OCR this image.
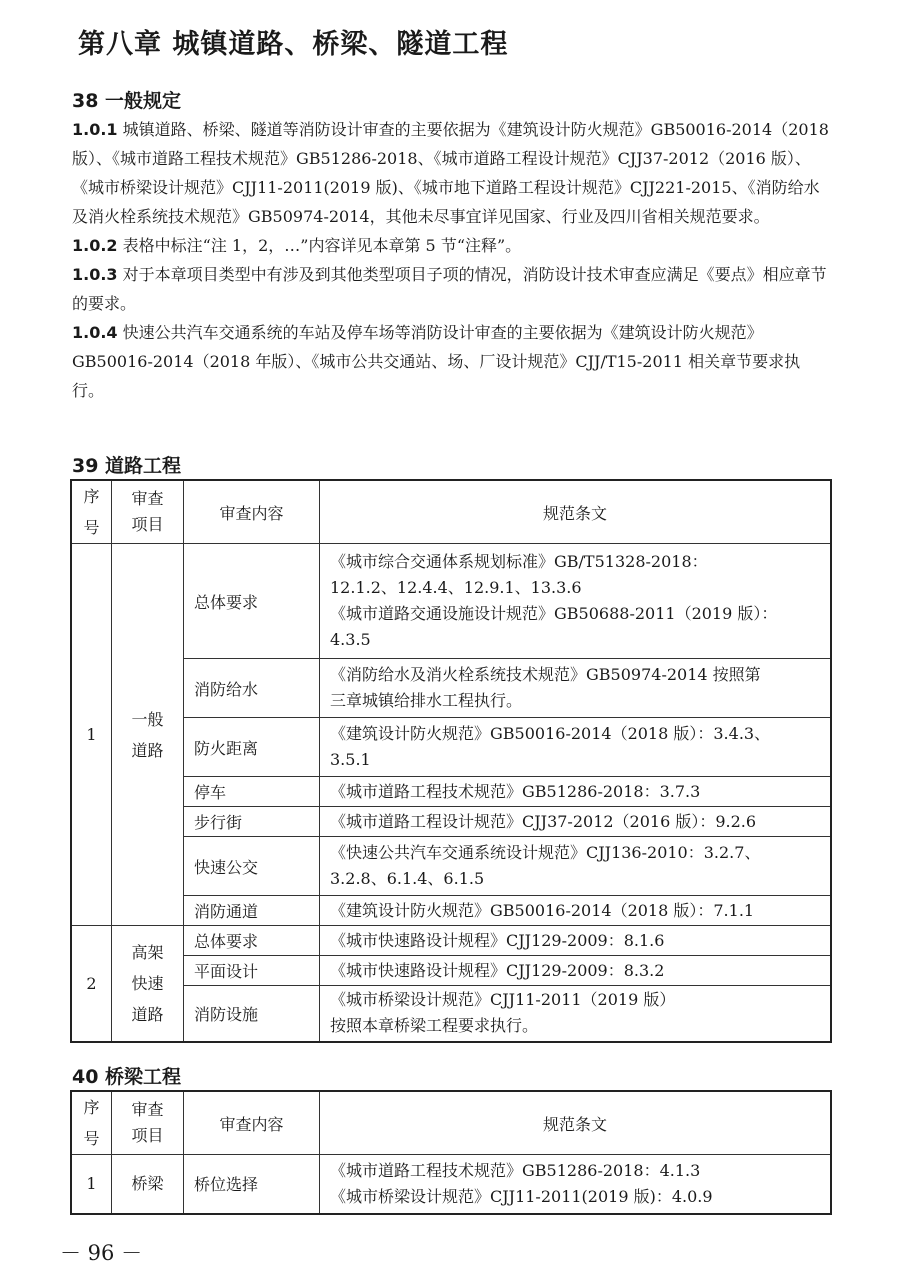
第八章 城镇道路、桥梁、隧道工程
38 一般规定

1.0.1 城镇道路、桥梁、隧道等消防设计审查的主要依据为《建筑设计防火规范》GB50016-2014（2018 版）、《城市道路工程技术规范》GB51286-2018、《城市道路工程设计规范》CJJ37-2012（2016 版）、《城市桥梁设计规范》CJJ11-2011(2019 版)、《城市地下道路工程设计规范》CJJ221-2015、《消防给水及消火栓系统技术规范》GB50974-2014，其他未尽事宜详见国家、行业及四川省相关规范要求。

1.0.2 表格中标注“注 1，2，…”内容详见本章第 5 节“注释”。

1.0.3 对于本章项目类型中有涉及到其他类型项目子项的情况，消防设计技术审查应满足《要点》相应章节的要求。

1.0.4 快速公共汽车交通系统的车站及停车场等消防设计审查的主要依据为《建筑设计防火规范》GB50016-2014（2018 年版）、《城市公共交通站、场、厂设计规范》CJJ/T15-2011 相关章节要求执行。

39 道路工程
序号	审查项目	审查内容	规范条文
1	一般道路	总体要求	《城市综合交通体系规划标准》GB/T51328-2018：
12.1.2、12.4.4、12.9.1、13.3.6
《城市道路交通设施设计规范》GB50688-2011（2019 版）：
4.3.5

		消防给水	《消防给水及消火栓系统技术规范》GB50974-2014 按照第
三章城镇给排水工程执行。

		防火距离	《建筑设计防火规范》GB50016-2014（2018 版）：3.4.3、
3.5.1

		停车	《城市道路工程技术规范》GB51286-2018：3.7.3

		步行街	《城市道路工程设计规范》CJJ37-2012（2016 版）：9.2.6

		快速公交	《快速公共汽车交通系统设计规范》CJJ136-2010：3.2.7、
3.2.8、6.1.4、6.1.5

		消防通道	《建筑设计防火规范》GB50016-2014（2018 版）：7.1.1

2	高架快速道路	总体要求	《城市快速路设计规程》CJJ129-2009：8.1.6

		平面设计	《城市快速路设计规程》CJJ129-2009：8.3.2

		消防设施	《城市桥梁设计规范》CJJ11-2011（2019 版）
按照本章桥梁工程要求执行。
40 桥梁工程
序号	审查项目	审查内容	规范条文
1	桥梁	桥位选择	《城市道路工程技术规范》GB51286-2018：4.1.3
《城市桥梁设计规范》CJJ11-2011(2019 版)：4.0.9
－ 96 －
